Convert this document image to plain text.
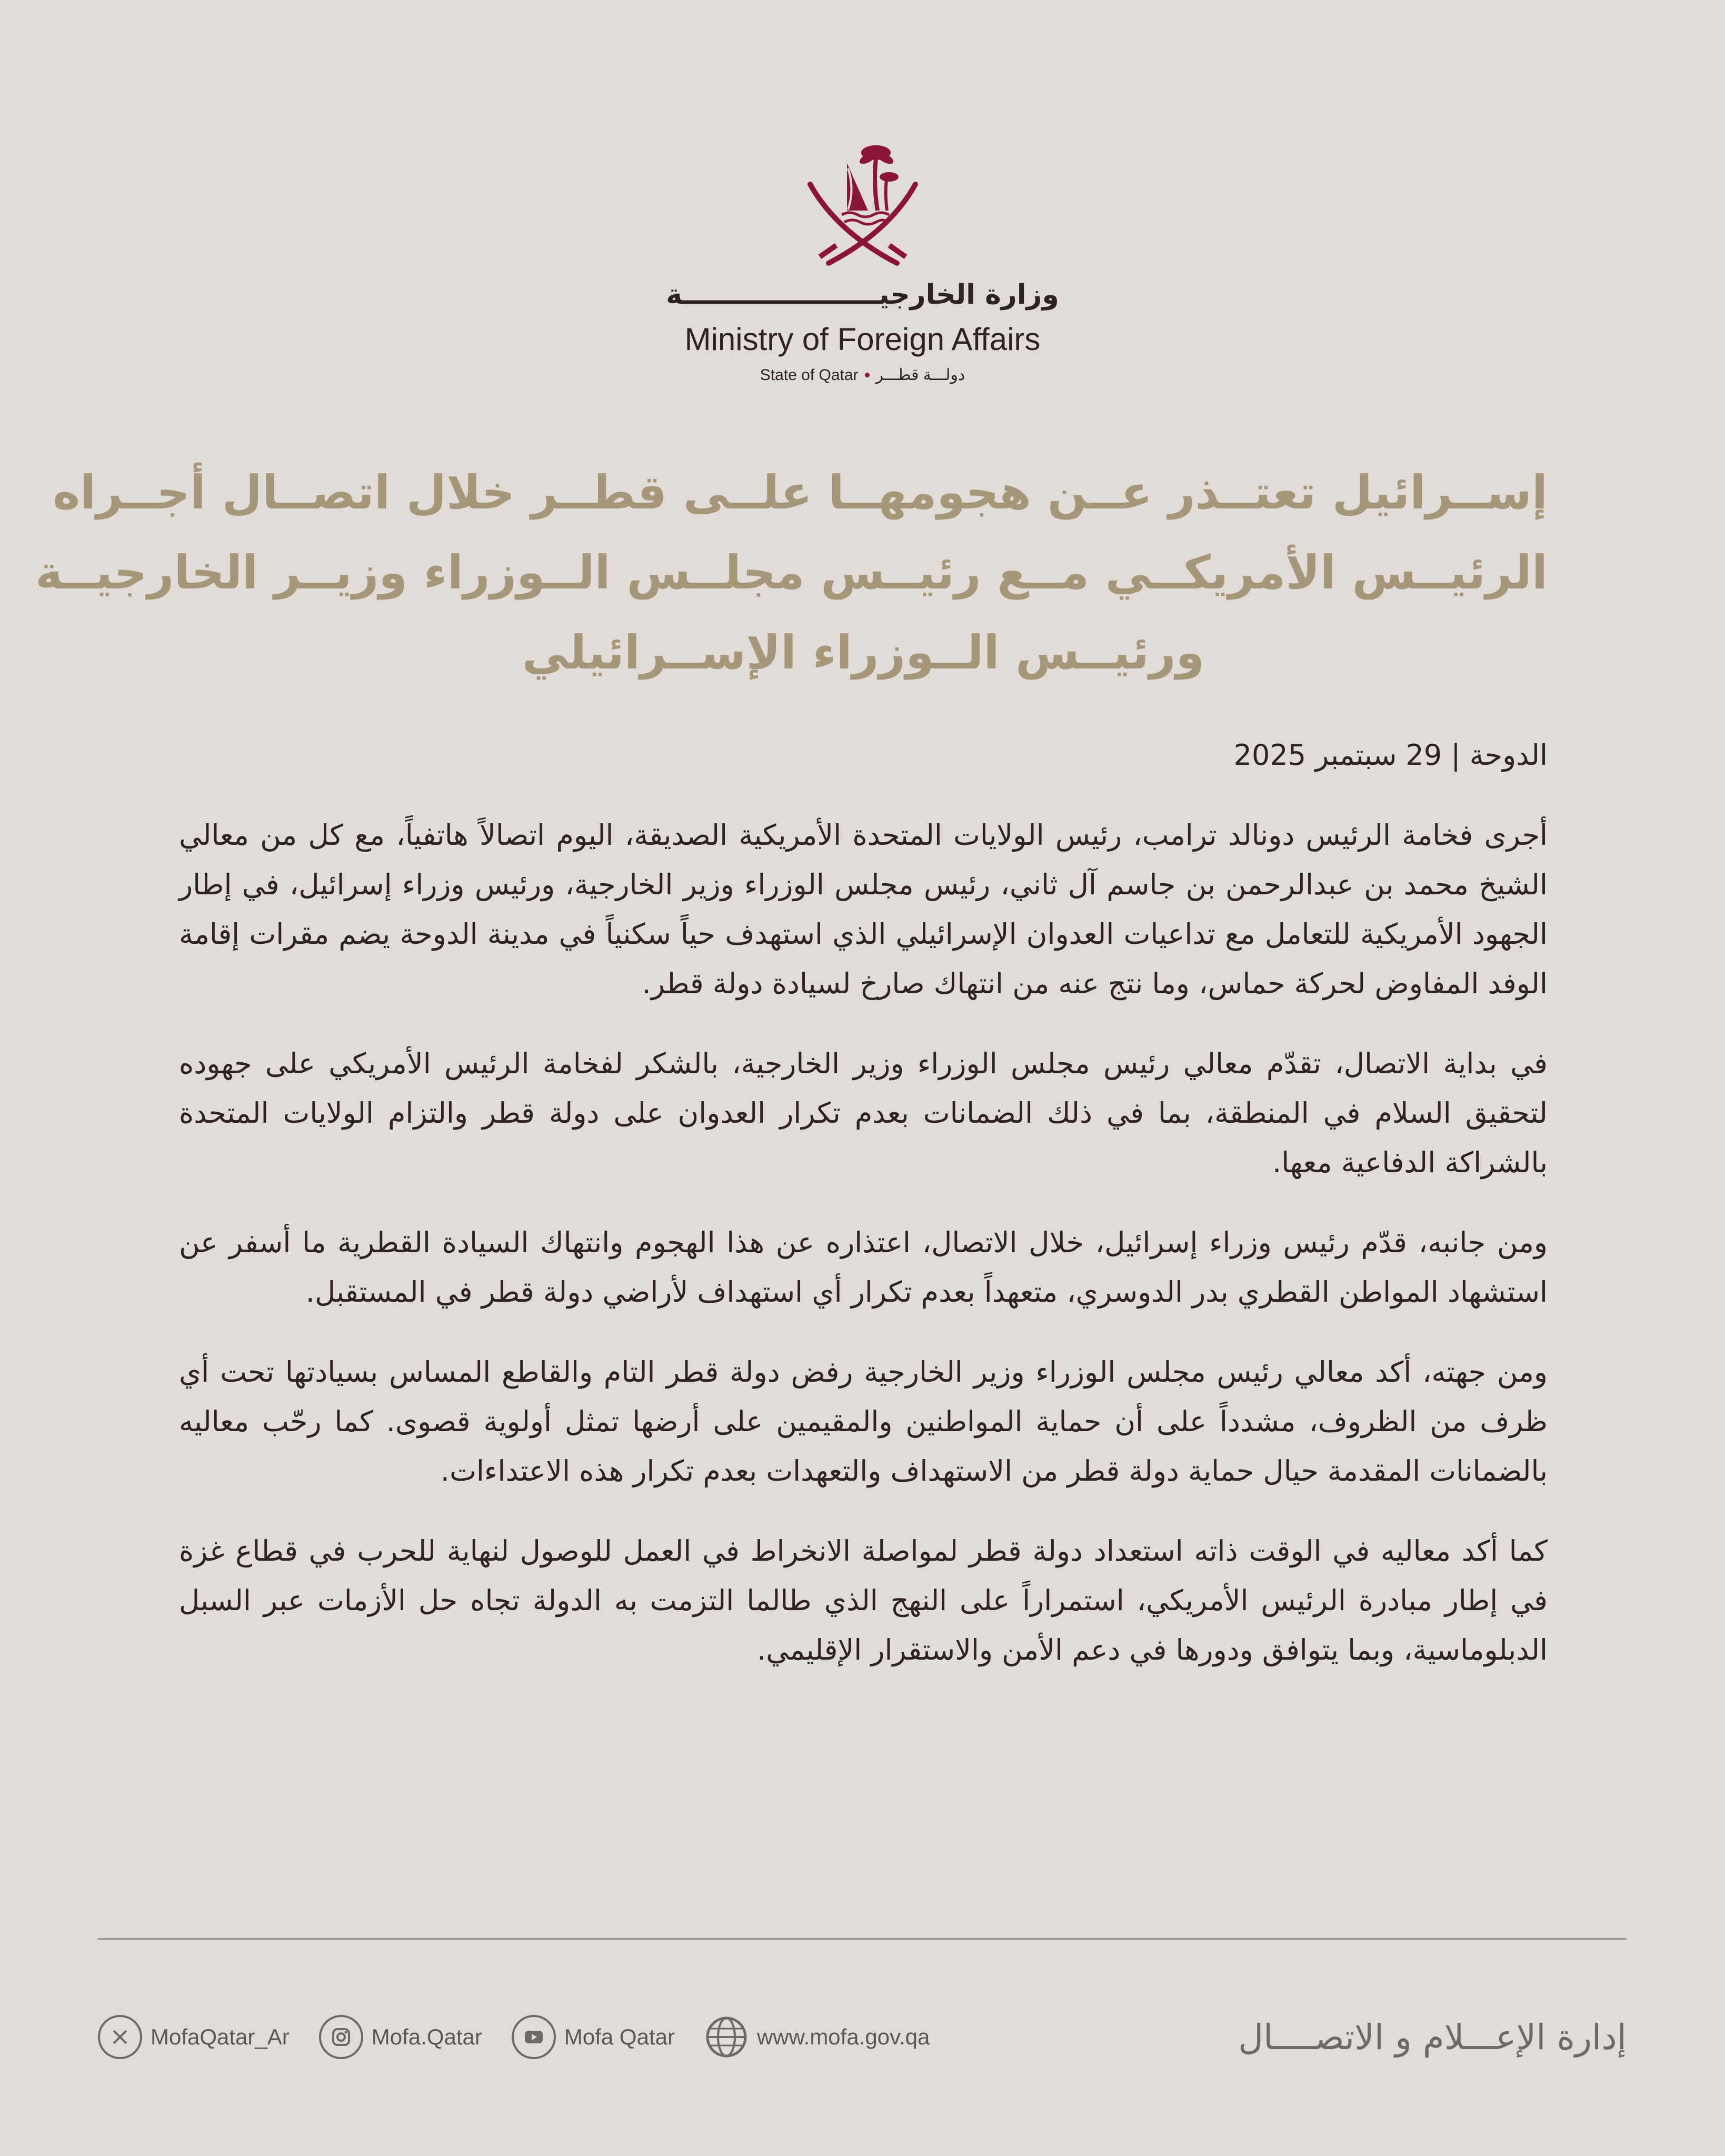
وزارة الخارجيـــــــــــــــــــــة
Ministry of Foreign Affairs
State of Qatar دولـــة قطـــر
إســرائيل تعتــذر عــن هجومهــا علــى قطــر خلال اتصــال أجــراه
الرئيــس الأمريكــي مــع رئيــس مجلــس الــوزراء وزيــر الخارجيــة
ورئيــس الــوزراء الإســرائيلي
الدوحة | 29 سبتمبر 2025

أجرى فخامة الرئيس دونالد ترامب، رئيس الولايات المتحدة الأمريكية الصديقة، اليوم اتصالاً هاتفياً، مع كل من معالي الشيخ محمد بن عبدالرحمن بن جاسم آل ثاني، رئيس مجلس الوزراء وزير الخارجية، ورئيس وزراء إسرائيل، في إطار الجهود الأمريكية للتعامل مع تداعيات العدوان الإسرائيلي الذي استهدف حياً سكنياً في مدينة الدوحة يضم مقرات إقامة الوفد المفاوض لحركة حماس، وما نتج عنه من انتهاك صارخ لسيادة دولة قطر.

في بداية الاتصال، تقدّم معالي رئيس مجلس الوزراء وزير الخارجية، بالشكر لفخامة الرئيس الأمريكي على جهوده لتحقيق السلام في المنطقة، بما في ذلك الضمانات بعدم تكرار العدوان على دولة قطر والتزام الولايات المتحدة بالشراكة الدفاعية معها.

ومن جانبه، قدّم رئيس وزراء إسرائيل، خلال الاتصال، اعتذاره عن هذا الهجوم وانتهاك السيادة القطرية ما أسفر عن استشهاد المواطن القطري بدر الدوسري، متعهداً بعدم تكرار أي استهداف لأراضي دولة قطر في المستقبل.

ومن جهته، أكد معالي رئيس مجلس الوزراء وزير الخارجية رفض دولة قطر التام والقاطع المساس بسيادتها تحت أي ظرف من الظروف، مشدداً على أن حماية المواطنين والمقيمين على أرضها تمثل أولوية قصوى. كما رحّب معاليه بالضمانات المقدمة حيال حماية دولة قطر من الاستهداف والتعهدات بعدم تكرار هذه الاعتداءات.

كما أكد معاليه في الوقت ذاته استعداد دولة قطر لمواصلة الانخراط في العمل للوصول لنهاية للحرب في قطاع غزة في إطار مبادرة الرئيس الأمريكي، استمراراً على النهج الذي طالما التزمت به الدولة تجاه حل الأزمات عبر السبل الدبلوماسية، وبما يتوافق ودورها في دعم الأمن والاستقرار الإقليمي.

MofaQatar_Ar	Mofa.Qatar	Mofa Qatar	www.mofa.gov.qa	إدارة الإعـــلام و الاتصــــال
